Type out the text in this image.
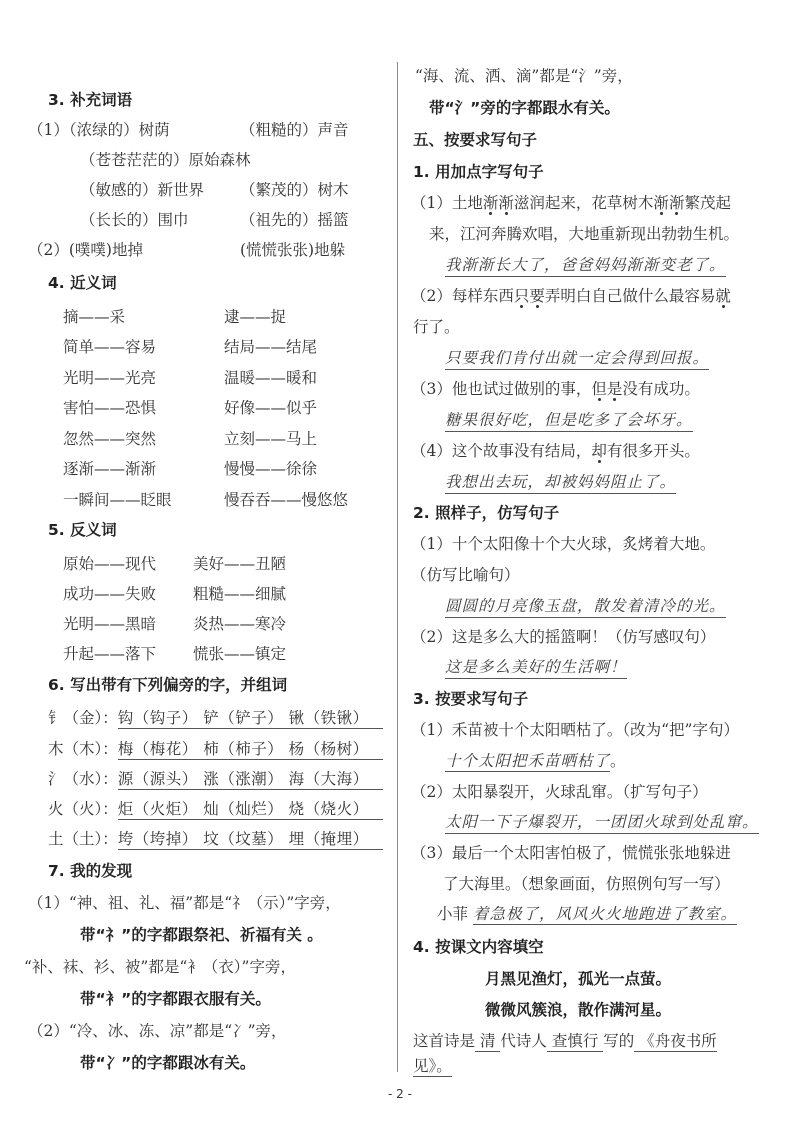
3. 补充词语
（1）（浓绿的）树荫	（粗糙的）声音
（苍苍茫茫的）原始森林
（敏感的）新世界 （繁茂的）树木
（长长的）围巾	（祖先的）摇篮
（2）(噗噗)地掉	(慌慌张张)地躲
4. 近义词
摘——采	逮——捉
简单——容易	结局——结尾
光明——光亮	温暖——暖和
害怕——恐惧	好像——似乎
忽然——突然	立刻——马上
逐渐——渐渐	慢慢——徐徐
一瞬间——眨眼	慢吞吞——慢悠悠
5. 反义词
原始——现代 美好——丑陋
成功——失败 粗糙——细腻
光明——黑暗 炎热——寒冷
升起——落下 慌张——镇定
6. 写出带有下列偏旁的字，并组词
钅（金）：钩（钩子） 铲（铲子） 锹（铁锹）
木（木）：梅（梅花） 柿（柿子） 杨（杨树）
氵（水）：源（源头） 涨（涨潮） 海（大海）
火（火）：炬（火炬） 灿（灿烂） 烧（烧火）
土（土）：垮（垮掉） 坟（坟墓） 埋（掩埋）
7. 我的发现
（1）“神、祖、礼、福”都是“礻（示）”字旁，
带“礻”的字都跟祭祀、祈福有关 。
“补、袜、衫、被”都是“衤（衣）”字旁，
带“衤”的字都跟衣服有关。
（2）“冷、冰、冻、凉”都是“冫”旁，
带“冫”的字都跟冰有关。
“海、流、洒、滴”都是“氵”旁，
带“氵”旁的字都跟水有关。
五、按要求写句子
1. 用加点字写句子
（1）土地渐渐滋润起来，花草树木渐渐繁茂起
来，江河奔腾欢唱，大地重新现出勃勃生机。
我渐渐长大了，爸爸妈妈渐渐变老了。
（2）每样东西只要弄明白自己做什么最容易就
行了。
只要我们肯付出就一定会得到回报。
（3）他也试过做别的事，但是没有成功。
糖果很好吃，但是吃多了会坏牙。
（4）这个故事没有结局，却有很多开头。
我想出去玩，却被妈妈阻止了。
2. 照样子，仿写句子
（1）十个太阳像十个大火球，炙烤着大地。
（仿写比喻句）
圆圆的月亮像玉盘，散发着清冷的光。
（2）这是多么大的摇篮啊！（仿写感叹句）
这是多么美好的生活啊！
3. 按要求写句子
（1）禾苗被十个太阳晒枯了。（改为“把”字句）
十个太阳把禾苗晒枯了。
（2）太阳暴裂开，火球乱窜。（扩写句子）
太阳一下子爆裂开，一团团火球到处乱窜。
（3）最后一个太阳害怕极了，慌慌张张地躲进
了大海里。（想象画面，仿照例句写一写）
小菲 着急极了，风风火火地跑进了教室。
4. 按课文内容填空
月黑见渔灯，孤光一点萤。
微微风簇浪，散作满河星。
这首诗是 清 代诗人 查慎行 写的 《舟夜书所
见》。
- 2 -
